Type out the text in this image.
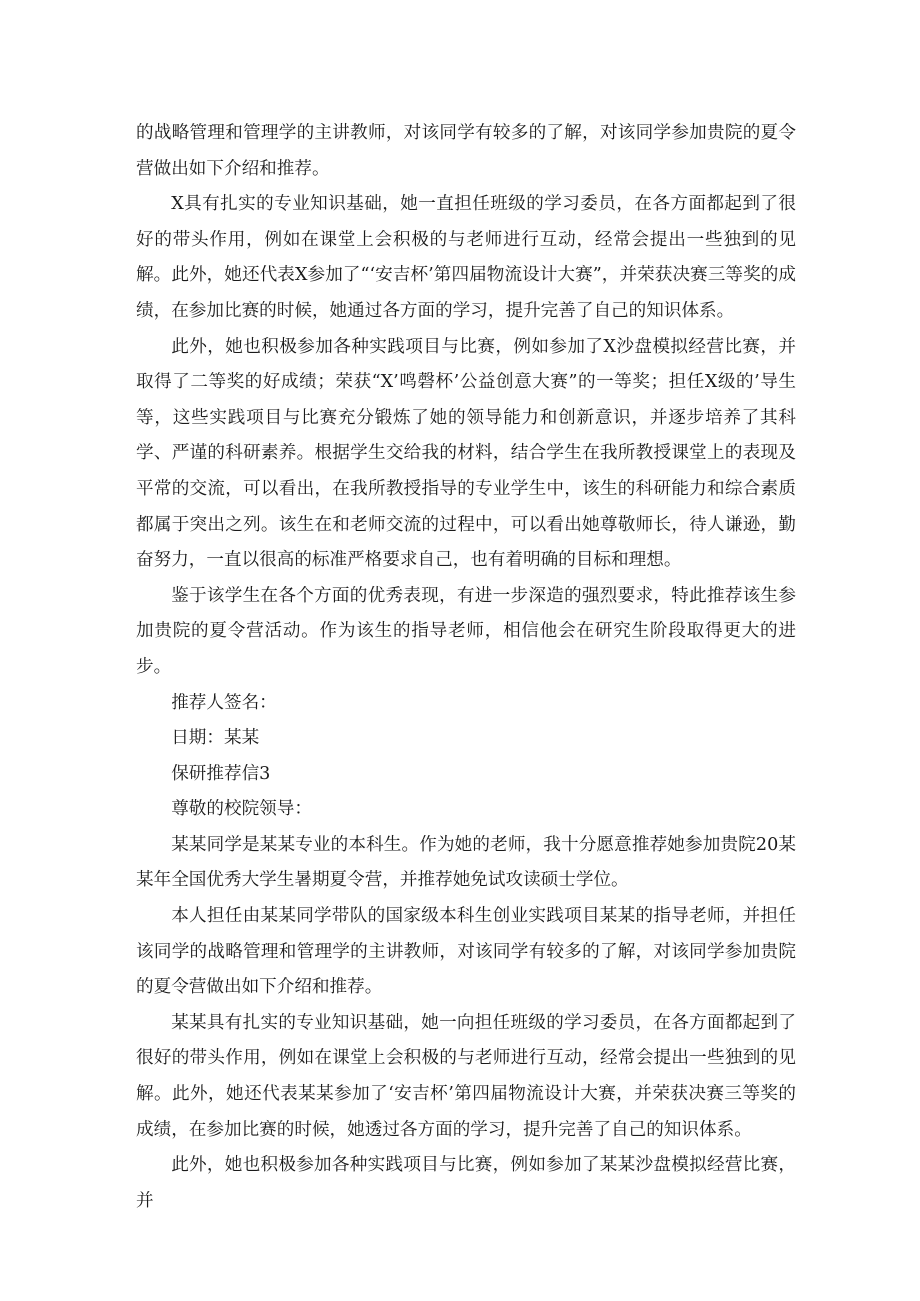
的战略管理和管理学的主讲教师，对该同学有较多的了解，对该同学参加贵院的夏令营做出如下介绍和推荐。

X具有扎实的专业知识基础，她一直担任班级的学习委员，在各方面都起到了很好的带头作用，例如在课堂上会积极的与老师进行互动，经常会提出一些独到的见解。此外，她还代表X参加了“‘安吉杯’第四届物流设计大赛”，并荣获决赛三等奖的成绩，在参加比赛的时候，她通过各方面的学习，提升完善了自己的知识体系。

此外，她也积极参加各种实践项目与比赛，例如参加了X沙盘模拟经营比赛，并取得了二等奖的好成绩；荣获“X’鸣磬杯’公益创意大赛”的一等奖；担任X级的’导生等，这些实践项目与比赛充分锻炼了她的领导能力和创新意识，并逐步培养了其科学、严谨的科研素养。根据学生交给我的材料，结合学生在我所教授课堂上的表现及平常的交流，可以看出，在我所教授指导的专业学生中，该生的科研能力和综合素质都属于突出之列。该生在和老师交流的过程中，可以看出她尊敬师长，待人谦逊，勤奋努力，一直以很高的标准严格要求自己，也有着明确的目标和理想。

鉴于该学生在各个方面的优秀表现，有进一步深造的强烈要求，特此推荐该生参加贵院的夏令营活动。作为该生的指导老师，相信他会在研究生阶段取得更大的进步。

推荐人签名：

日期：某某

保研推荐信3

尊敬的校院领导：

某某同学是某某专业的本科生。作为她的老师，我十分愿意推荐她参加贵院20某某年全国优秀大学生暑期夏令营，并推荐她免试攻读硕士学位。

本人担任由某某同学带队的国家级本科生创业实践项目某某的指导老师，并担任该同学的战略管理和管理学的主讲教师，对该同学有较多的了解，对该同学参加贵院的夏令营做出如下介绍和推荐。

某某具有扎实的专业知识基础，她一向担任班级的学习委员，在各方面都起到了很好的带头作用，例如在课堂上会积极的与老师进行互动，经常会提出一些独到的见解。此外，她还代表某某参加了‘安吉杯’第四届物流设计大赛，并荣获决赛三等奖的成绩，在参加比赛的时候，她透过各方面的学习，提升完善了自己的知识体系。

此外，她也积极参加各种实践项目与比赛，例如参加了某某沙盘模拟经营比赛，并
